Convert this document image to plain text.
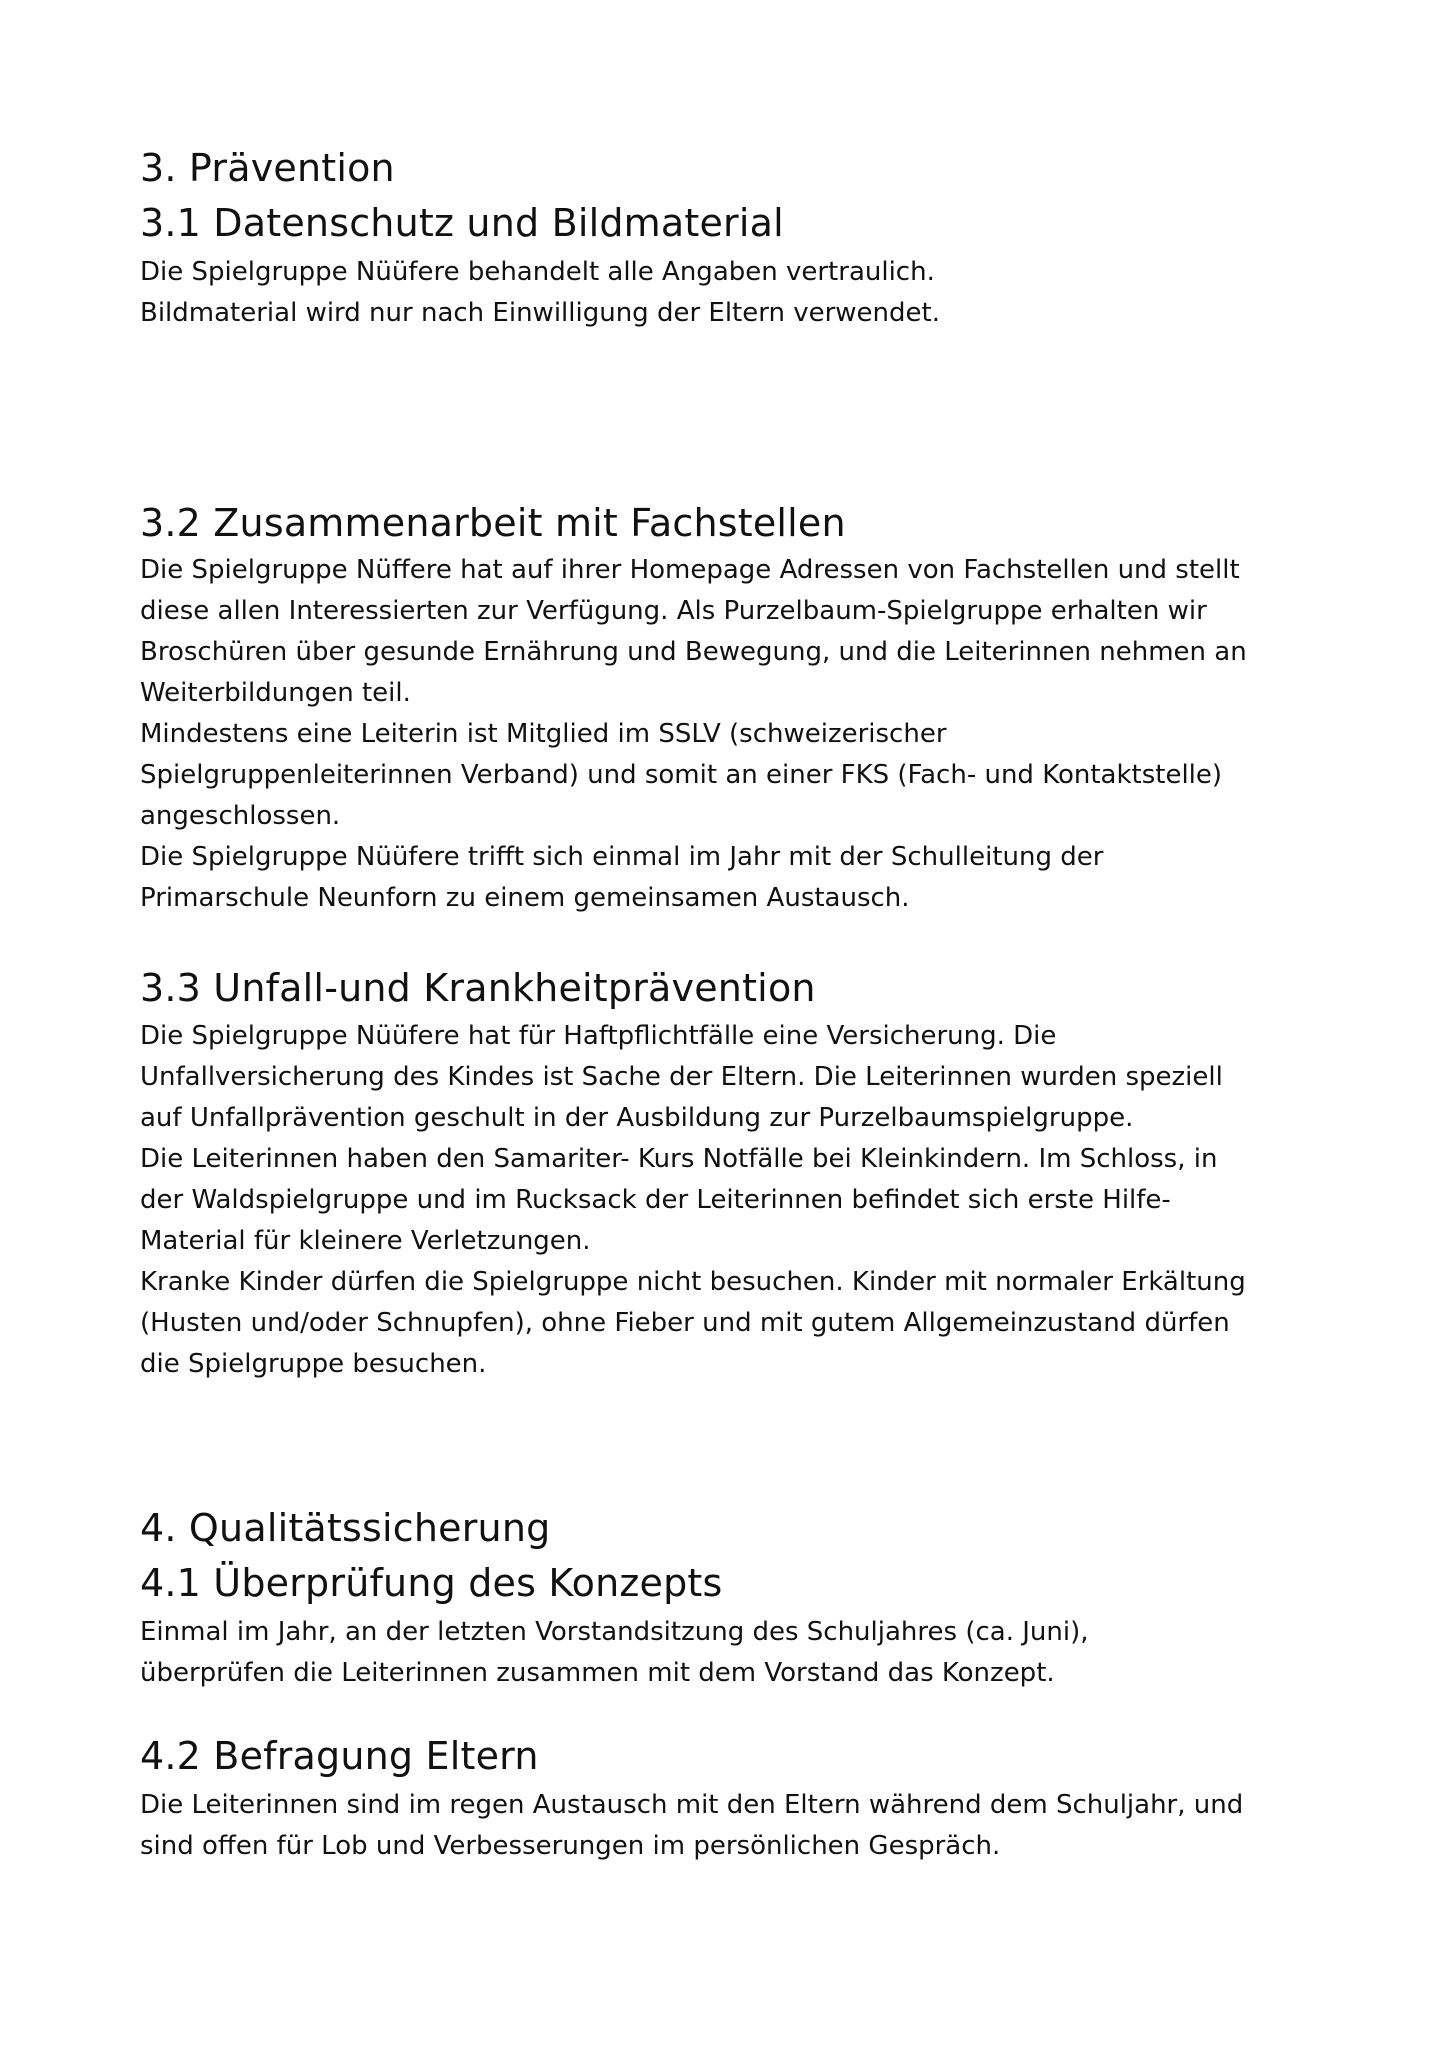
3. Prävention
3.1 Datenschutz und Bildmaterial
Die Spielgruppe Nüüfere behandelt alle Angaben vertraulich.
Bildmaterial wird nur nach Einwilligung der Eltern verwendet.
3.2 Zusammenarbeit mit Fachstellen
Die Spielgruppe Nüffere hat auf ihrer Homepage Adressen von Fachstellen und stellt
diese allen Interessierten zur Verfügung. Als Purzelbaum-Spielgruppe erhalten wir
Broschüren über gesunde Ernährung und Bewegung, und die Leiterinnen nehmen an
Weiterbildungen teil.
Mindestens eine Leiterin ist Mitglied im SSLV (schweizerischer
Spielgruppenleiterinnen Verband) und somit an einer FKS (Fach- und Kontaktstelle)
angeschlossen.
Die Spielgruppe Nüüfere trifft sich einmal im Jahr mit der Schulleitung der
Primarschule Neunforn zu einem gemeinsamen Austausch.
3.3 Unfall-und Krankheitprävention
Die Spielgruppe Nüüfere hat für Haftpflichtfälle eine Versicherung. Die
Unfallversicherung des Kindes ist Sache der Eltern. Die Leiterinnen wurden speziell
auf Unfallprävention geschult in der Ausbildung zur Purzelbaumspielgruppe.
Die Leiterinnen haben den Samariter- Kurs Notfälle bei Kleinkindern. Im Schloss, in
der Waldspielgruppe und im Rucksack der Leiterinnen befindet sich erste Hilfe-
Material für kleinere Verletzungen.
Kranke Kinder dürfen die Spielgruppe nicht besuchen. Kinder mit normaler Erkältung
(Husten und/oder Schnupfen), ohne Fieber und mit gutem Allgemeinzustand dürfen
die Spielgruppe besuchen.
4. Qualitätssicherung
4.1 Überprüfung des Konzepts
Einmal im Jahr, an der letzten Vorstandsitzung des Schuljahres (ca. Juni),
überprüfen die Leiterinnen zusammen mit dem Vorstand das Konzept.
4.2 Befragung Eltern
Die Leiterinnen sind im regen Austausch mit den Eltern während dem Schuljahr, und
sind offen für Lob und Verbesserungen im persönlichen Gespräch.
